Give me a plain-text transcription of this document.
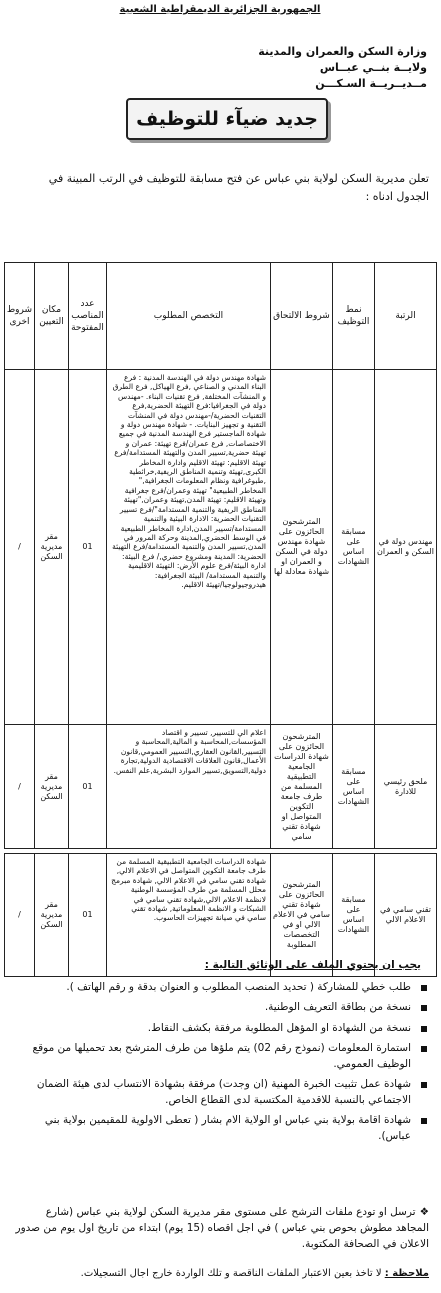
الجمهورية الجزائرية الديمقراطية الشعبية
وزارة السكن والعمران والمدينة
ولايــة بنــي عبــاس
مــديــريــة السـكـــن
جديد ضيآء للتوظيف
تعلن مديرية السكن لولاية بني عباس عن فتح مسابقة للتوظيف في الرتب المبينة في الجدول ادناه :
الرتبة	نمط التوظيف	شروط الالتحاق	التخصص المطلوب	عدد المناصب المفتوحة	مكان التعيين	شروط اخرى
مهندس دولة في السكن و العمران	مسابقة على اساس الشهادات	المترشحون الحائزون على شهادة مهندس دولة في السكن و العمران او شهادة معادلة لها	شهادة مهندس دولة في الهندسة المدنية : فرع البناء المدني و الصناعي ,فرع الهياكل, فرع الطرق و المنشآت المختلفة, فرع تقنيات البناء. -مهندس دولة في الجغرافيا:فرع التهيئة الحضرية,فرع التقنيات الحضرية/-مهندس دولة في المنشآت التقنية و تجهيز البنايات. - شهادة مهندس دولة و شهادة الماجستير فرع الهندسة المدنية في جميع الاختصاصات, فرع عمران/فرع تهيئة: عمران و تهيئة حضرية,تسيير المدن والتهيئة المستدامة/فرع تهيئة الاقليم: تهيئة الاقليم وادارة المخاطر الكبرى,تهيئة وتنمية المناطق الريفية,خرائطية ,طبوغرافية ونظام المعلومات الجغرافية," المخاطر الطبيعية" تهيئة وعمران/فرع جغرافية وتهيئة الاقليم: تهيئة المدن,تهيئة وعمران,"تهيئة المناطق الريفية والتنمية المستدامة"/فرع تسيير التقنيات الحضرية: الادارة البيئية والتنمية المستدامة/تسيير المدن,ادارة المخاطر الطبيعية في الوسط الحضري,المدينة وحركة المرور في المدن,تسيير المدن والتنمية المستدامة/فرع التهيئة الحضرية: المدينة ومشروع حضري,/ فرع البيئة: ادارة البيئة/فرع علوم الأرض: التهيئة الاقليمية والتنمية المستدامة/ البيئة الجغرافية: هيدروجيولوجيا/تهيئة الاقليم.	01	مقر مديرية السكن	/
ملحق رئيسي للادارة	مسابقة على اساس الشهادات	المترشحون الحائزون على شهادة الدراسات الجامعية التطبيقية المسلمة من طرف جامعة التكوين المتواصل او شهادة تقني سامي	اعلام الي للتسيير, تسيير و اقتصاد المؤسسات,المحاسبة و المالية,المحاسبة و التسيير,القانون العقاري,التسيير العمومي,قانون الأعمال,قانون العلاقات الاقتصادية الدولية,تجارة دولية,التسويق,تسيير الموارد البشرية,علم النفس.	01	مقر مديرية السكن	/

تقني سامي في الاعلام الالي	مسابقة على اساس الشهادات	المترشحون الحائزون على شهادة تقني سامي في الاعلام الالي او في التخصصات المطلوبة	شهادة الدراسات الجامعية التطبيقية المسلمة من طرف جامعة التكوين المتواصل في الاعلام الالي, شهادة تقني سامي في الاعلام الالي, شهادة مبرمج محلل المسلمة من طرف المؤسسة الوطنية لانظمة الاعلام الالي,شهادة تقني سامي في الشبكات و الانظمة المعلوماتية, شهادة تقني سامي في صيانة تجهيزات الحاسوب.	01	مقر مديرية السكن	/
يجب ان يحتوي الملف على الوثائق التالية :
طلب خطي للمشاركة ( تحديد المنصب المطلوب و العنوان بدقة و رقم الهاتف ).
نسخة من بطاقة التعريف الوطنية.
نسخة من الشهادة او المؤهل المطلوبة مرفقة بكشف النقاط.
استمارة المعلومات (نموذج رقم 02) يتم ملؤها من طرف المترشح بعد تحميلها من موقع الوظيف العمومي.
شهادة عمل تثبيت الخبرة المهنية (ان وجدت) مرفقة بشهادة الانتساب لدى هيئة الضمان الاجتماعي بالنسبة للاقدمية المكتسبة لدى القطاع الخاص.
شهادة اقامة بولاية بني عباس او الولاية الام بشار ( تعطى الاولوية للمقيمين بولاية بني عباس).
❖ترسل او تودع ملفات الترشح على مستوى مقر مديرية السكن لولاية بني عباس (شارع المجاهد مطوش بحوص بني عباس ) في اجل اقصاه (15 يوم) ابتداء من تاريخ اول يوم من صدور الاعلان في الصحافة المكتوبة.
ملاحظة : لا تاخذ بعين الاعتبار الملفات الناقصة و تلك الواردة خارج اجال التسجيلات.
